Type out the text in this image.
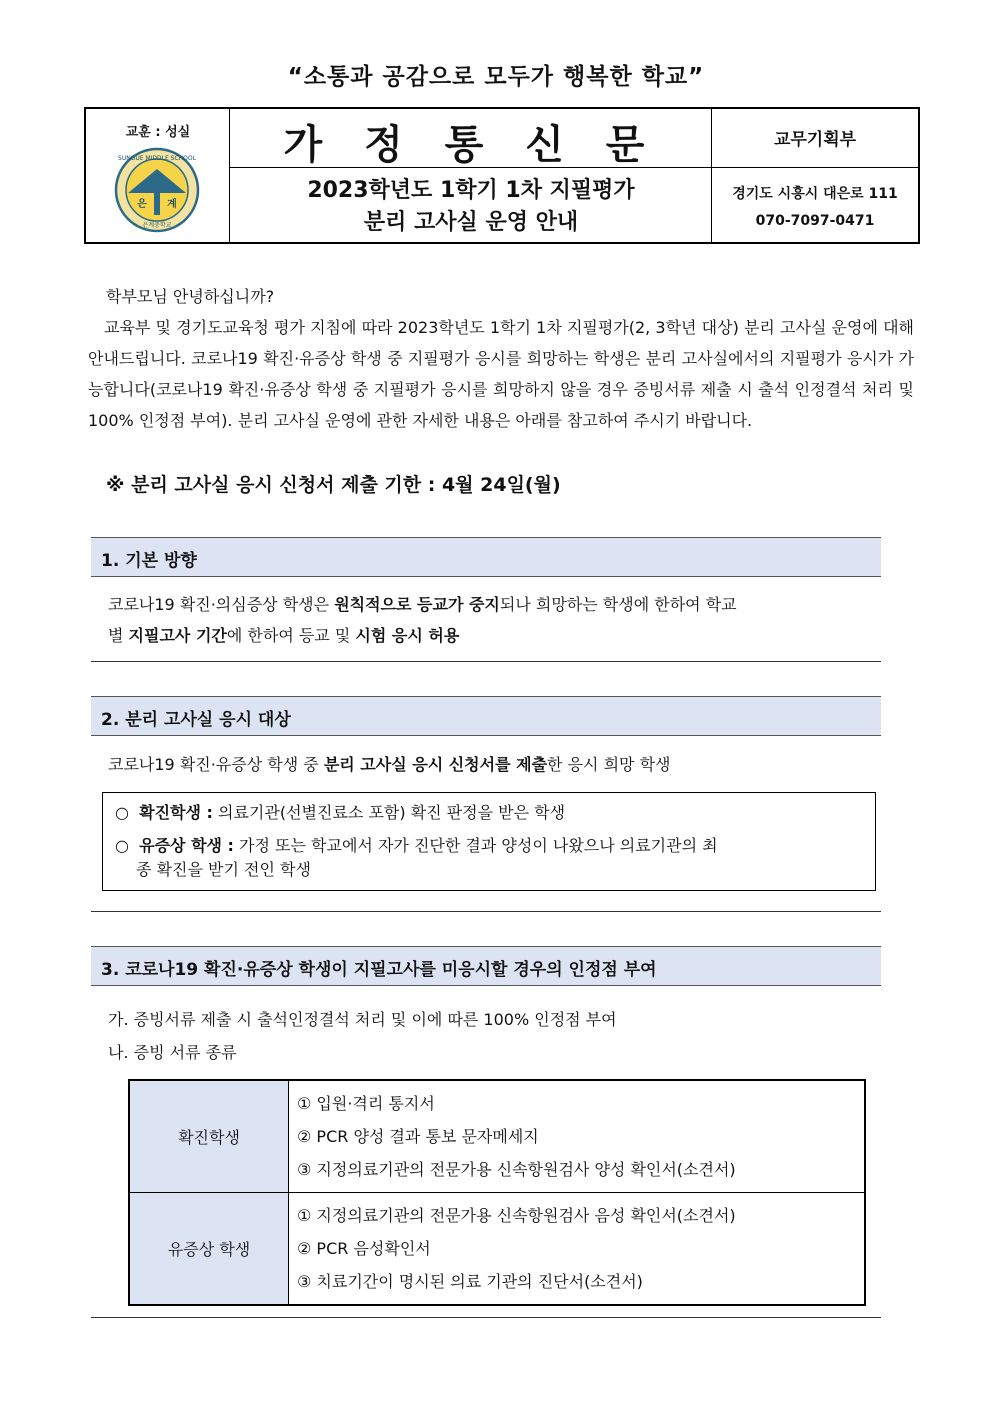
“소통과 공감으로 모두가 행복한 학교”
교훈 : 성실
SUNGUE MIDDLE SCHOOL
은 계
은계중학교
가 정 통 신 문
2023학년도 1학기 1차 지필평가
분리 고사실 운영 안내
교무기획부
경기도 시흥시 대은로 111
070-7097-0471
학부모님 안녕하십니까?
교육부 및 경기도교육청 평가 지침에 따라 2023학년도 1학기 1차 지필평가(2, 3학년 대상) 분리 고사실 운영에 대해 안내드립니다. 코로나19 확진·유증상 학생 중 지필평가 응시를 희망하는 학생은 분리 고사실에서의 지필평가 응시가 가능합니다(코로나19 확진·유증상 학생 중 지필평가 응시를 희망하지 않을 경우 증빙서류 제출 시 출석 인정결석 처리 및 100% 인정점 부여). 분리 고사실 운영에 관한 자세한 내용은 아래를 참고하여 주시기 바랍니다.
※ 분리 고사실 응시 신청서 제출 기한 : 4월 24일(월)
1. 기본 방향
코로나19 확진·의심증상 학생은 원칙적으로 등교가 중지되나 희망하는 학생에 한하여 학교
별 지필고사 기간에 한하여 등교 및 시험 응시 허용
2. 분리 고사실 응시 대상
코로나19 확진·유증상 학생 중 분리 고사실 응시 신청서를 제출한 응시 희망 학생
○ 확진학생 : 의료기관(선별진료소 포함) 확진 판정을 받은 학생
○ 유증상 학생 : 가정 또는 학교에서 자가 진단한 결과 양성이 나왔으나 의료기관의 최
종 확진을 받기 전인 학생
3. 코로나19 확진·유증상 학생이 지필고사를 미응시할 경우의 인정점 부여
가. 증빙서류 제출 시 출석인정결석 처리 및 이에 따른 100% 인정점 부여
나. 증빙 서류 종류
확진학생	① 입원·격리 통지서
② PCR 양성 결과 통보 문자메세지
③ 지정의료기관의 전문가용 신속항원검사 양성 확인서(소견서)

유증상 학생	① 지정의료기관의 전문가용 신속항원검사 음성 확인서(소견서)
② PCR 음성확인서
③ 치료기간이 명시된 의료 기관의 진단서(소견서)
